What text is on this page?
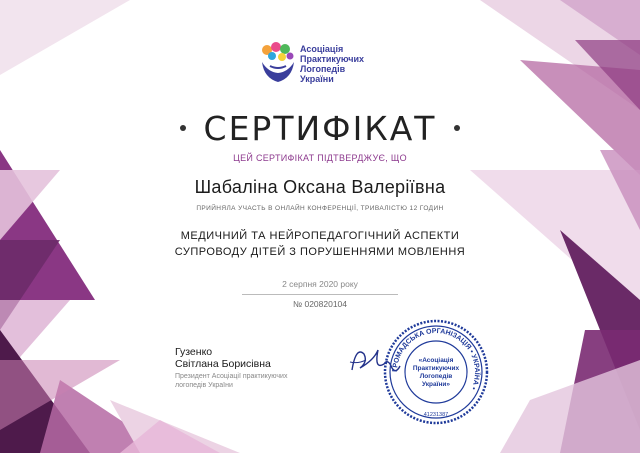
Асоціація
Практикуючих
Логопедів
України
СЕРТИФІКАТ
ЦЕЙ СЕРТИФІКАТ ПІДТВЕРДЖУЄ, ЩО
Шабаліна Оксана Валеріївна
ПРИЙНЯЛА УЧАСТЬ В ОНЛАЙН КОНФЕРЕНЦІЇ, ТРИВАЛІСТЮ 12 ГОДИН
МЕДИЧНИЙ ТА НЕЙРОПЕДАГОГІЧНИЙ АСПЕКТИ
СУПРОВОДУ ДІТЕЙ З ПОРУШЕННЯМИ МОВЛЕННЯ
2 серпня 2020 року
№ 020820104
Гузенко
Світлана Борисівна
Президент Асоціації практикуючих
логопедів України
ГРОМАДСЬКА ОРГАНІЗАЦІЯ • УКРАЇНА •
«Асоціація
Практикуючих
Логопедів
України»
41231387
